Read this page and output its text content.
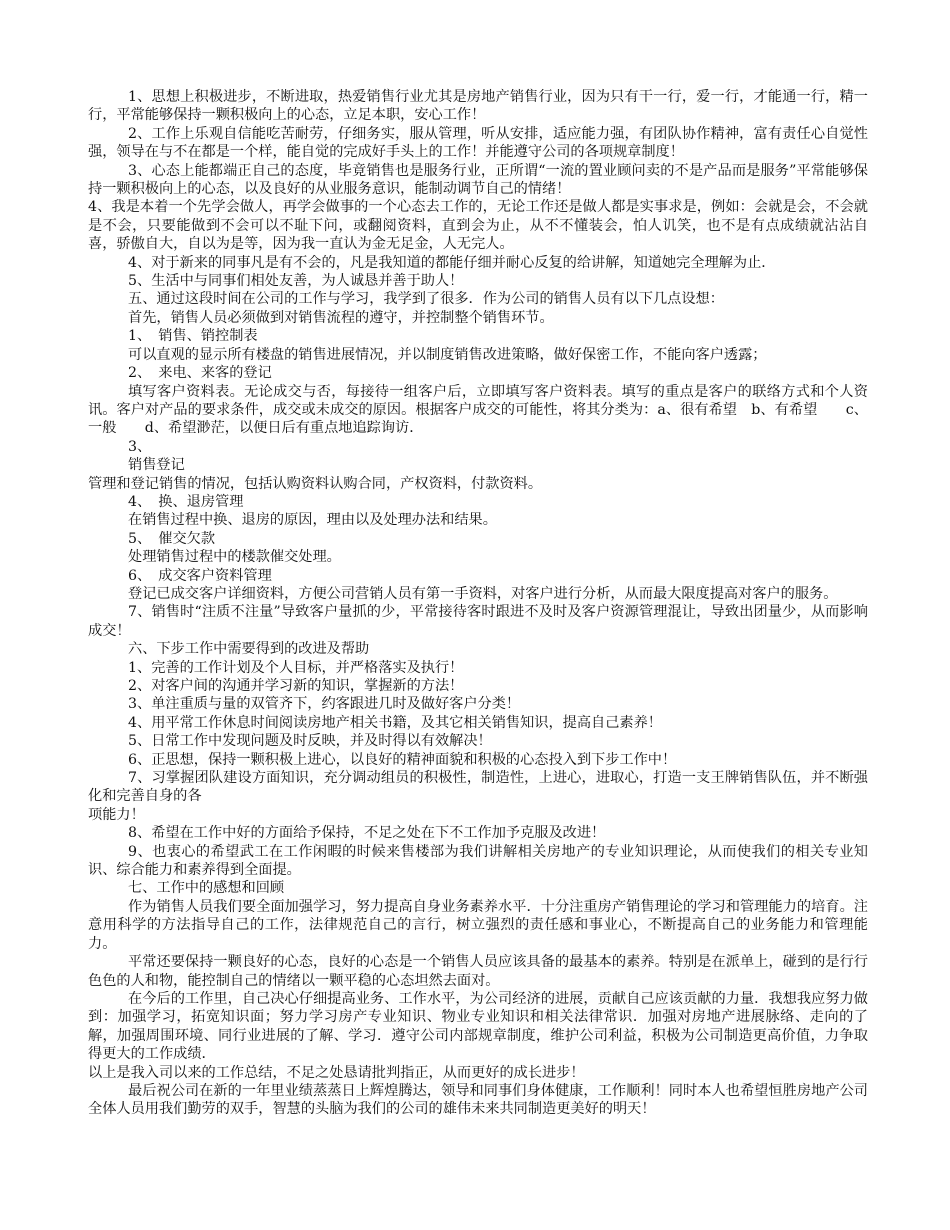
1、思想上积极进步，不断进取，热爱销售行业尤其是房地产销售行业，因为只有干一行，爱一行，才能通一行，精一行，平常能够保持一颗积极向上的心态，立足本职，安心工作！

2、工作上乐观自信能吃苦耐劳，仔细务实，服从管理，听从安排，适应能力强，有团队协作精神，富有责任心自觉性强，领导在与不在都是一个样，能自觉的完成好手头上的工作！并能遵守公司的各项规章制度！

3、心态上能都端正自己的态度，毕竟销售也是服务行业，正所谓“一流的置业顾问卖的不是产品而是服务”平常能够保持一颗积极向上的心态，以及良好的从业服务意识，能制动调节自己的情绪！

4、我是本着一个先学会做人，再学会做事的一个心态去工作的，无论工作还是做人都是实事求是，例如：会就是会，不会就是不会，只要能做到不会可以不耻下问，或翻阅资料，直到会为止，从不不懂装会，怕人讥笑，也不是有点成绩就沾沾自喜，骄傲自大，自以为是等，因为我一直认为金无足金，人无完人。

4、对于新来的同事凡是有不会的，凡是我知道的都能仔细并耐心反复的给讲解，知道她完全理解为止．

5、生活中与同事们相处友善，为人诚恳并善于助人！

五、通过这段时间在公司的工作与学习，我学到了很多．作为公司的销售人员有以下几点设想：

首先，销售人员必须做到对销售流程的遵守，并控制整个销售环节。

1、　销售、销控制表

可以直观的显示所有楼盘的销售进展情况，并以制度销售改进策略，做好保密工作，不能向客户透露；

2、　来电、来客的登记

填写客户资料表。无论成交与否，每接待一组客户后，立即填写客户资料表。填写的重点是客户的联络方式和个人资讯。客户对产品的要求条件，成交或未成交的原因。根据客户成交的可能性，将其分类为：a、很有希望　b、有希望　　c、一般　　d、希望渺茫，以便日后有重点地追踪询访．

3、

销售登记

管理和登记销售的情况，包括认购资料认购合同，产权资料，付款资料。

4、　换、退房管理

在销售过程中换、退房的原因，理由以及处理办法和结果。

5、　催交欠款

处理销售过程中的楼款催交处理。

6、　成交客户资料管理

登记已成交客户详细资料，方便公司营销人员有第一手资料，对客户进行分析，从而最大限度提高对客户的服务。

7、销售时“注质不注量”导致客户量抓的少，平常接待客时跟进不及时及客户资源管理混让，导致出团量少，从而影响成交！

六、下步工作中需要得到的改进及帮助

1、完善的工作计划及个人目标，并严格落实及执行！

2、对客户间的沟通并学习新的知识，掌握新的方法！

3、单注重质与量的双管齐下，约客跟进几时及做好客户分类！

4、用平常工作休息时间阅读房地产相关书籍，及其它相关销售知识，提高自己素养！

5、日常工作中发现问题及时反映，并及时得以有效解决！

6、正思想，保持一颗积极上进心，以良好的精神面貌和积极的心态投入到下步工作中！

7、习掌握团队建设方面知识，充分调动组员的积极性，制造性，上进心，进取心，打造一支王牌销售队伍，并不断强化和完善自身的各

项能力！

8、希望在工作中好的方面给予保持，不足之处在下不工作加予克服及改进！

9、也衷心的希望武工在工作闲暇的时候来售楼部为我们讲解相关房地产的专业知识理论，从而使我们的相关专业知识、综合能力和素养得到全面提。

七、工作中的感想和回顾

作为销售人员我们要全面加强学习，努力提高自身业务素养水平．十分注重房产销售理论的学习和管理能力的培育。注意用科学的方法指导自己的工作，法律规范自己的言行，树立强烈的责任感和事业心，不断提高自己的业务能力和管理能力。

平常还要保持一颗良好的心态，良好的心态是一个销售人员应该具备的最基本的素养。特别是在派单上，碰到的是行行色色的人和物，能控制自己的情绪以一颗平稳的心态坦然去面对。

在今后的工作里，自己决心仔细提高业务、工作水平，为公司经济的进展，贡献自己应该贡献的力量．我想我应努力做到：加强学习，拓宽知识面；努力学习房产专业知识、物业专业知识和相关法律常识．加强对房地产进展脉络、走向的了解，加强周围环境、同行业进展的了解、学习．遵守公司内部规章制度，维护公司利益，积极为公司制造更高价值，力争取得更大的工作成绩．

以上是我入司以来的工作总结，不足之处恳请批判指正，从而更好的成长进步！

最后祝公司在新的一年里业绩蒸蒸日上辉煌腾达，领导和同事们身体健康，工作顺利！同时本人也希望恒胜房地产公司全体人员用我们勤劳的双手，智慧的头脑为我们的公司的雄伟未来共同制造更美好的明天！
